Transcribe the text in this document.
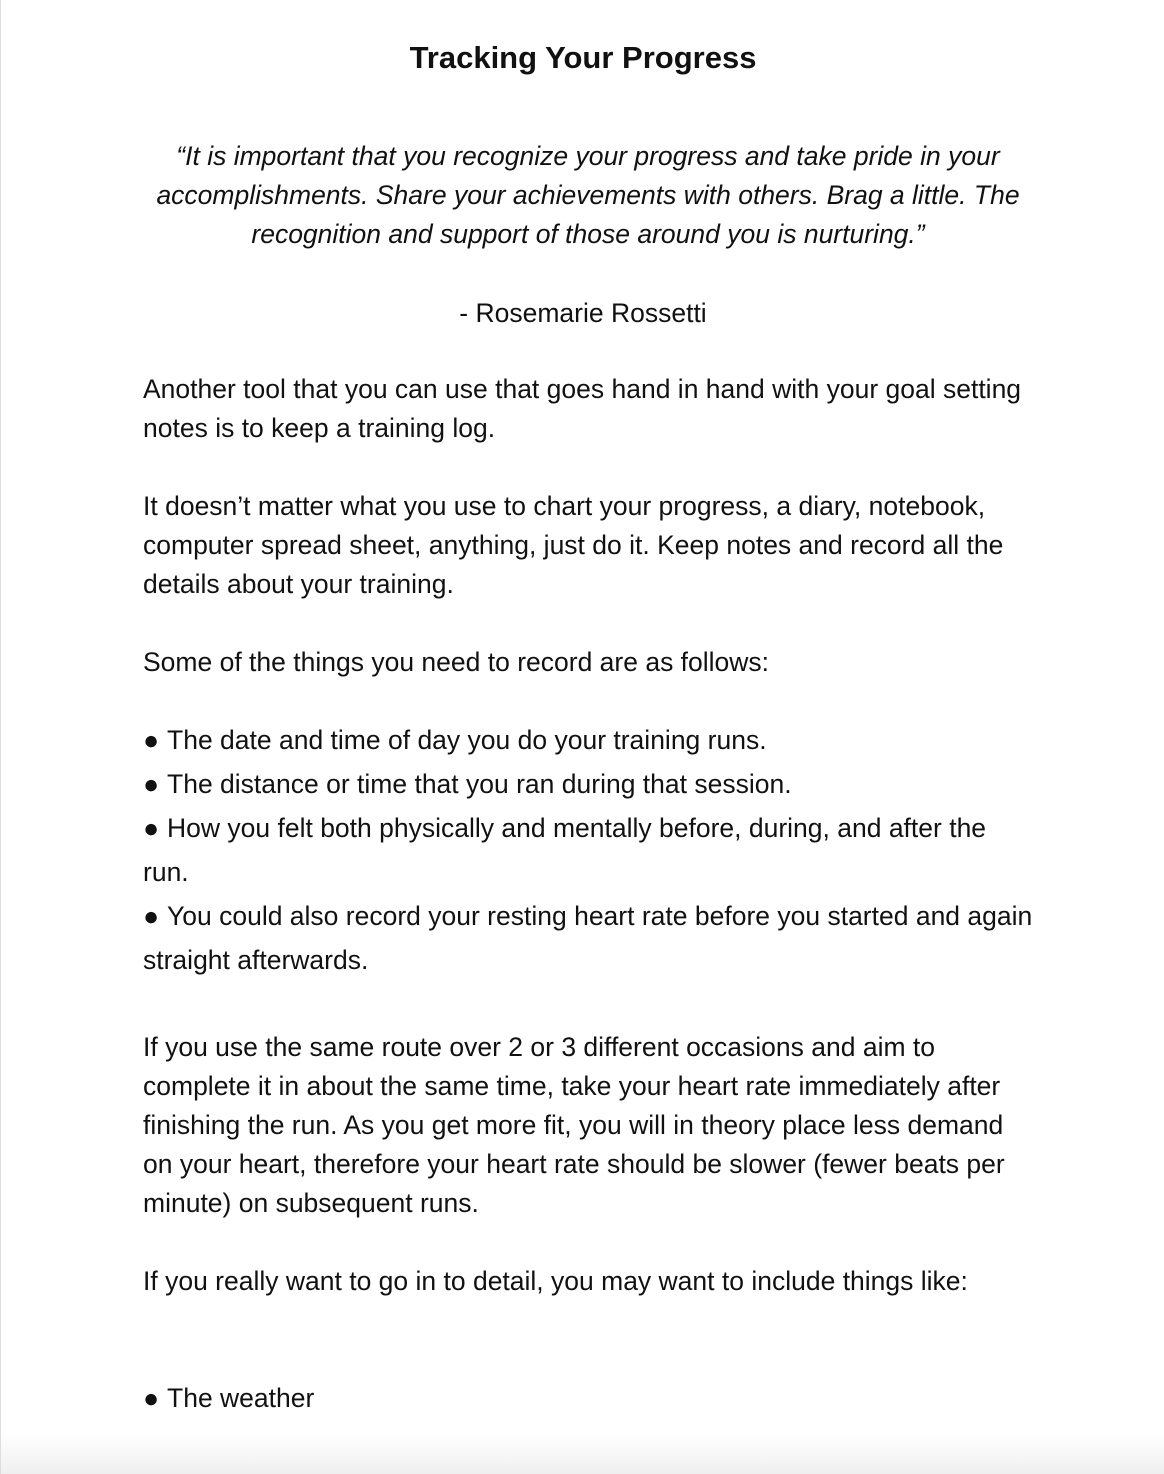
Tracking Your Progress

“It is important that you recognize your progress and take pride in your accomplishments. Share your achievements with others. Brag a little. The recognition and support of those around you is nurturing.”

- Rosemarie Rossetti

Another tool that you can use that goes hand in hand with your goal setting notes is to keep a training log.

It doesn’t matter what you use to chart your progress, a diary, notebook, computer spread sheet, anything, just do it. Keep notes and record all the details about your training.

Some of the things you need to record are as follows:

● The date and time of day you do your training runs.
● The distance or time that you ran during that session.
● How you felt both physically and mentally before, during, and after the run.
● You could also record your resting heart rate before you started and again straight afterwards.

If you use the same route over 2 or 3 different occasions and aim to complete it in about the same time, take your heart rate immediately after finishing the run. As you get more fit, you will in theory place less demand on your heart, therefore your heart rate should be slower (fewer beats per minute) on subsequent runs.

If you really want to go in to detail, you may want to include things like:

● The weather
